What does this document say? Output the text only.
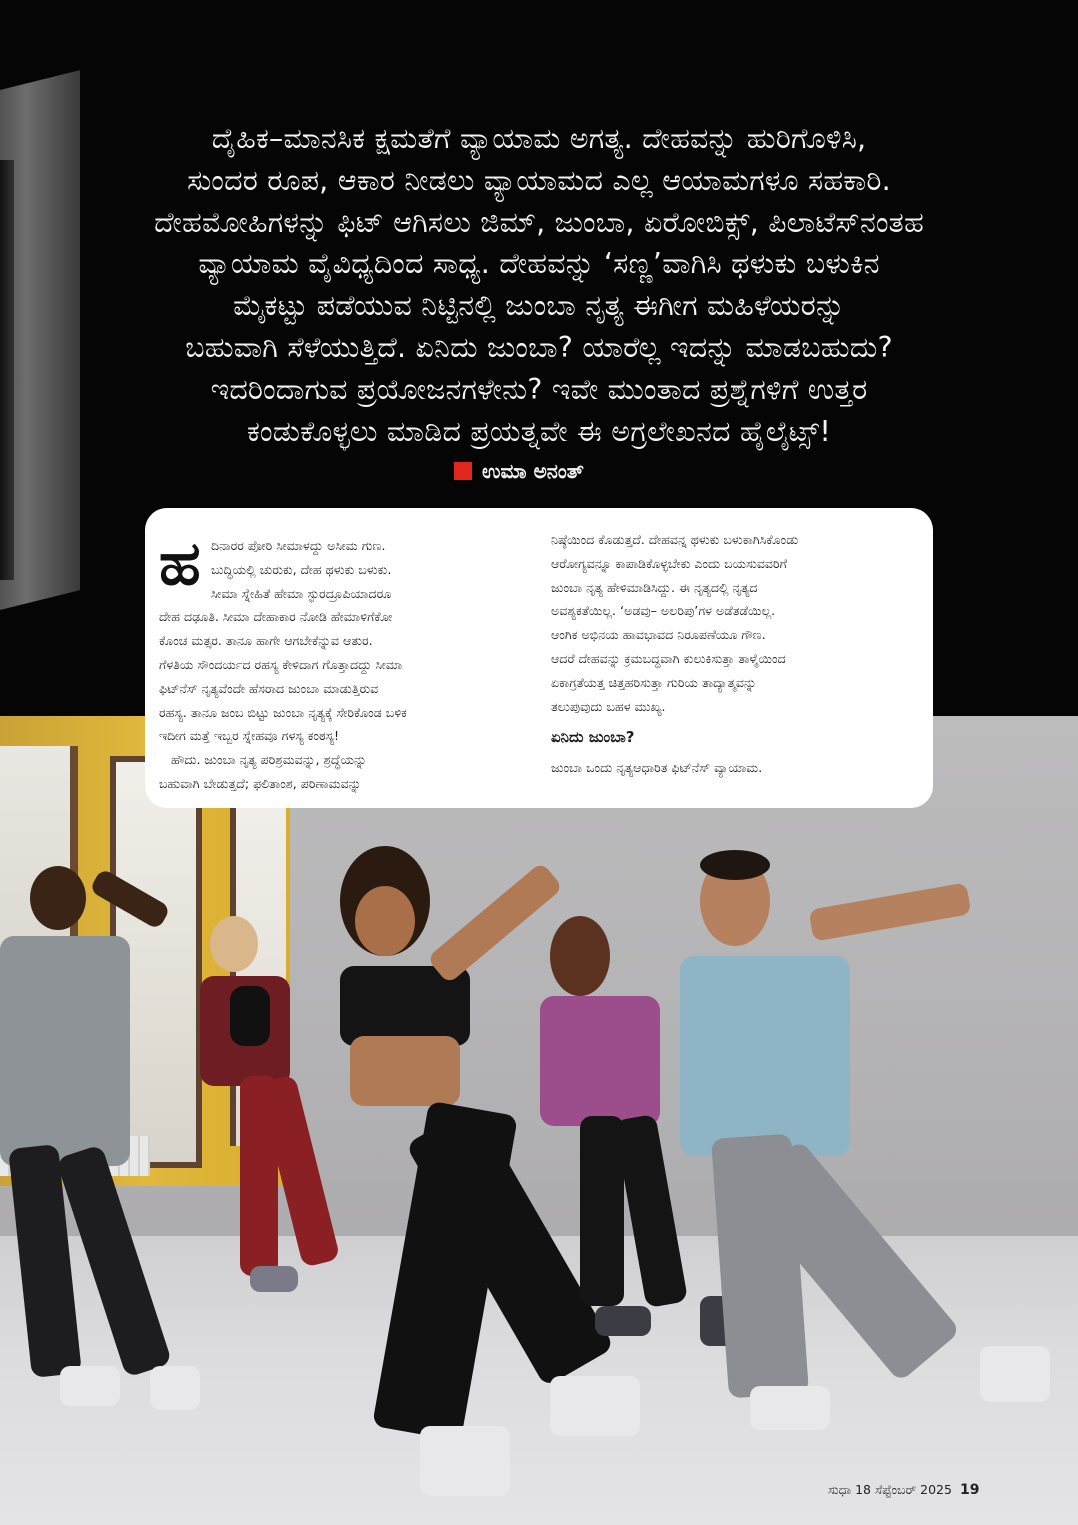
ದೈಹಿಕ–ಮಾನಸಿಕ ಕ್ಷಮತೆಗೆ ವ್ಯಾಯಾಮ ಅಗತ್ಯ. ದೇಹವನ್ನು ಹುರಿಗೊಳಿಸಿ,
ಸುಂದರ ರೂಪ, ಆಕಾರ ನೀಡಲು ವ್ಯಾಯಾಮದ ಎಲ್ಲ ಆಯಾಮಗಳೂ ಸಹಕಾರಿ.
ದೇಹಮೋಹಿಗಳನ್ನು ಫಿಟ್ ಆಗಿಸಲು ಜಿಮ್, ಜುಂಬಾ, ಏರೋಬಿಕ್ಸ್, ಪಿಲಾಟೆಸ್‌ನಂತಹ
ವ್ಯಾಯಾಮ ವೈವಿಧ್ಯದಿಂದ ಸಾಧ್ಯ. ದೇಹವನ್ನು ‘ಸಣ್ಣ’ವಾಗಿಸಿ ಥಳುಕು ಬಳುಕಿನ
ಮೈಕಟ್ಟು ಪಡೆಯುವ ನಿಟ್ಟಿನಲ್ಲಿ ಜುಂಬಾ ನೃತ್ಯ ಈಗೀಗ ಮಹಿಳೆಯರನ್ನು
ಬಹುವಾಗಿ ಸೆಳೆಯುತ್ತಿದೆ. ಏನಿದು ಜುಂಬಾ? ಯಾರೆಲ್ಲ ಇದನ್ನು ಮಾಡಬಹುದು?
ಇದರಿಂದಾಗುವ ಪ್ರಯೋಜನಗಳೇನು? ಇವೇ ಮುಂತಾದ ಪ್ರಶ್ನೆಗಳಿಗೆ ಉತ್ತರ
ಕಂಡುಕೊಳ್ಳಲು ಮಾಡಿದ ಪ್ರಯತ್ನವೇ ಈ ಅಗ್ರಲೇಖನದ ಹೈಲೈಟ್ಸ್!
ಉಮಾ ಅನಂತ್
ಹ ದಿನಾರರ ಪೋರಿ ಸೀಮಾಳದ್ದು ಅಸೀಮ ಗುಣ.

ಬುದ್ಧಿಯಲ್ಲಿ ಚುರುಕು, ದೇಹ ಥಳುಕು ಬಳುಕು.

ಸೀಮಾ ಸ್ನೇಹಿತೆ ಹೇಮಾ ಸ್ಫುರದ್ರೂಪಿಯಾದರೂ

ದೇಹ ದಢೂತಿ. ಸೀಮಾ ದೇಹಾಕಾರ ನೋಡಿ ಹೇಮಾಳಿಗೆಕೋ

ಕೊಂಚ ಮತ್ಸರ. ತಾನೂ ಹಾಗೇ ಆಗಬೇಕೆನ್ನುವ ಆತುರ.

ಗೆಳತಿಯ ಸೌಂದರ್ಯದ ರಹಸ್ಯ ಕೇಳಿದಾಗ ಗೊತ್ತಾದದ್ದು ಸೀಮಾ

ಫಿಟ್‌ನೆಸ್ ನೃತ್ಯವೆಂದೇ ಹೆಸರಾದ ಜುಂಬಾ ಮಾಡುತ್ತಿರುವ

ರಹಸ್ಯ. ತಾನೂ ಜಂಬ ಬಿಟ್ಟು ಜುಂಬಾ ನೃತ್ಯಕ್ಕೆ ಸೇರಿಕೊಂಡ ಬಳಿಕ

ಇದೀಗ ಮತ್ತೆ ಇಬ್ಬರ ಸ್ನೇಹವೂ ಗಳಸ್ಯ ಕಂಠಸ್ಯ!

ಹೌದು. ಜುಂಬಾ ನೃತ್ಯ ಪರಿಶ್ರಮವನ್ನು, ಶ್ರದ್ಧೆಯನ್ನು

ಬಹುವಾಗಿ ಬೇಡುತ್ತದೆ; ಫಲಿತಾಂಶ, ಪರಿಣಾಮವನ್ನು

ನಿಷ್ಠೆಯಿಂದ ಕೊಡುತ್ತದೆ. ದೇಹವನ್ನ ಥಳುಕು ಬಳುಕಾಗಿಸಿಕೊಂಡು

ಆರೋಗ್ಯವನ್ನೂ ಕಾಪಾಡಿಕೊಳ್ಳಬೇಕು ಎಂದು ಬಯಸುವವರಿಗೆ

ಜುಂಬಾ ನೃತ್ಯ ಹೇಳಿಮಾಡಿಸಿದ್ದು. ಈ ನೃತ್ಯದಲ್ಲಿ ನೃತ್ಯದ

ಅವಶ್ಯಕತೆಯಿಲ್ಲ. ‘ಅಡವು– ಅಲರಿಪು’ಗಳ ಅಡೆತಡೆಯಿಲ್ಲ.

ಆಂಗಿಕ ಅಭಿನಯ ಹಾವಭಾವದ ನಿರೂಪಣೆಯೂ ಗೌಣ.

ಆದರೆ ದೇಹವನ್ನು ಕ್ರಮಬದ್ಧವಾಗಿ ಕುಲುಕಿಸುತ್ತಾ ತಾಳ್ಮೆಯಿಂದ

ಏಕಾಗ್ರತೆಯತ್ತ ಚಿತ್ತಹರಿಸುತ್ತಾ ಗುರಿಯ ತಾದ್ಯಾತ್ಮವನ್ನು

ತಲುಪುವುದು ಬಹಳ ಮುಖ್ಯ.

ಏನಿದು ಜುಂಬಾ?

ಜುಂಬಾ ಒಂದು ನೃತ್ಯಆಧಾರಿತ ಫಿಟ್‌ನೆಸ್ ವ್ಯಾಯಾಮ.

ಸುಧಾ 18 ಸೆಪ್ಟೆಂಬರ್ 2025 19
